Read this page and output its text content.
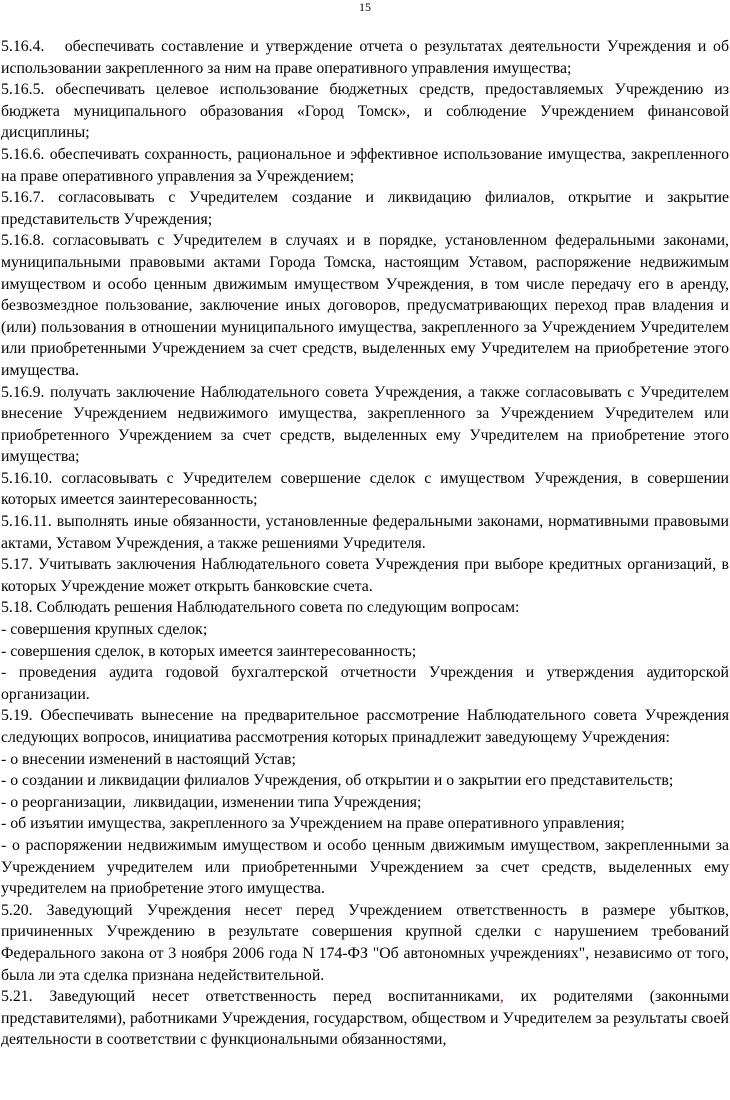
15

5.16.4.   обеспечивать составление и утверждение отчета о результатах деятельности Учреждения и об использовании закрепленного за ним на праве оперативного управления имущества;

5.16.5. обеспечивать целевое использование бюджетных средств, предоставляемых Учреждению из бюджета муниципального образования «Город Томск», и соблюдение Учреждением финансовой дисциплины;

5.16.6. обеспечивать сохранность, рациональное и эффективное использование имущества, закрепленного на праве оперативного управления за Учреждением;

5.16.7. согласовывать с Учредителем создание и ликвидацию филиалов, открытие и закрытие представительств Учреждения;

5.16.8. согласовывать с Учредителем в случаях и в порядке, установленном федеральными законами, муниципальными правовыми актами Города Томска, настоящим Уставом, распоряжение недвижимым имуществом и особо ценным движимым имуществом Учреждения, в том числе передачу его в аренду, безвозмездное пользование, заключение иных договоров, предусматривающих переход прав владения и (или) пользования в отношении муниципального имущества, закрепленного за Учреждением Учредителем или приобретенными Учреждением за счет средств, выделенных ему Учредителем на приобретение этого имущества.

5.16.9. получать заключение Наблюдательного совета Учреждения, а также согласовывать с Учредителем внесение Учреждением недвижимого имущества, закрепленного за Учреждением Учредителем или приобретенного Учреждением за счет средств, выделенных ему Учредителем на приобретение этого имущества;

5.16.10. согласовывать с Учредителем совершение сделок с имуществом Учреждения, в совершении которых имеется заинтересованность;

5.16.11. выполнять иные обязанности, установленные федеральными законами, нормативными правовыми актами, Уставом Учреждения, а также решениями Учредителя.

5.17. Учитывать заключения Наблюдательного совета Учреждения при выборе кредитных организаций, в которых Учреждение может открыть банковские счета.

5.18. Соблюдать решения Наблюдательного совета по следующим вопросам:

- совершения крупных сделок;

- совершения сделок, в которых имеется заинтересованность;

- проведения аудита годовой бухгалтерской отчетности Учреждения и утверждения аудиторской организации.

5.19. Обеспечивать вынесение на предварительное рассмотрение Наблюдательного совета Учреждения следующих вопросов, инициатива рассмотрения которых принадлежит заведующему Учреждения:

- о внесении изменений в настоящий Устав;

- о создании и ликвидации филиалов Учреждения, об открытии и о закрытии его представительств;

- о реорганизации,  ликвидации, изменении типа Учреждения;

- об изъятии имущества, закрепленного за Учреждением на праве оперативного управления;

- о распоряжении недвижимым имуществом и особо ценным движимым имуществом, закрепленными за Учреждением учредителем или приобретенными Учреждением за счет средств, выделенных ему учредителем на приобретение этого имущества.

5.20. Заведующий Учреждения несет перед Учреждением ответственность в размере убытков, причиненных Учреждению в результате совершения крупной сделки с нарушением требований Федерального закона от 3 ноября 2006 года N 174-ФЗ "Об автономных учреждениях", независимо от того, была ли эта сделка признана недействительной.

5.21. Заведующий несет ответственность перед воспитанниками, их родителями (законными представителями), работниками Учреждения, государством, обществом и Учредителем за результаты своей деятельности в соответствии с функциональными обязанностями,
